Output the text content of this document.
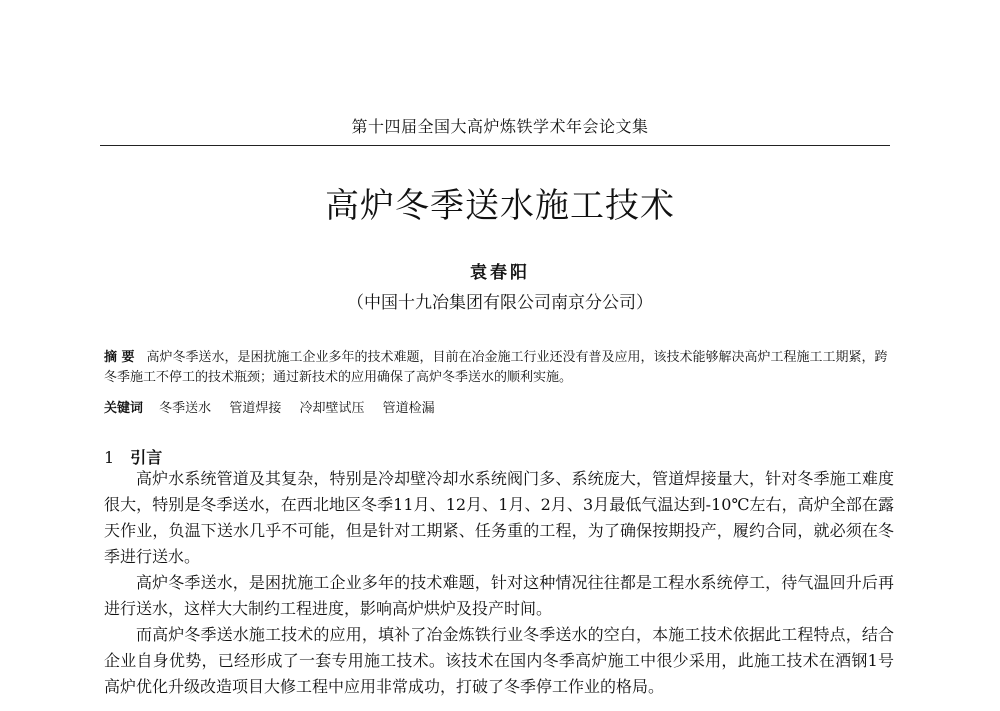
第十四届全国大高炉炼铁学术年会论文集
高炉冬季送水施工技术
袁春阳
（中国十九冶集团有限公司南京分公司）
摘 要 高炉冬季送水，是困扰施工企业多年的技术难题，目前在冶金施工行业还没有普及应用，该技术能够解决高炉工程施工工期紧，跨冬季施工不停工的技术瓶颈；通过新技术的应用确保了高炉冬季送水的顺利实施。
关键词 冬季送水 管道焊接 冷却壁试压 管道检漏
1 引言

高炉水系统管道及其复杂，特别是冷却壁冷却水系统阀门多、系统庞大，管道焊接量大，针对冬季施工难度很大，特别是冬季送水，在西北地区冬季11月、12月、1月、2月、3月最低气温达到-10℃左右，高炉全部在露天作业，负温下送水几乎不可能，但是针对工期紧、任务重的工程，为了确保按期投产，履约合同，就必须在冬季进行送水。

高炉冬季送水，是困扰施工企业多年的技术难题，针对这种情况往往都是工程水系统停工，待气温回升后再进行送水，这样大大制约工程进度，影响高炉烘炉及投产时间。

而高炉冬季送水施工技术的应用，填补了冶金炼铁行业冬季送水的空白，本施工技术依据此工程特点，结合企业自身优势，已经形成了一套专用施工技术。该技术在国内冬季高炉施工中很少采用，此施工技术在酒钢1号高炉优化升级改造项目大修工程中应用非常成功，打破了冬季停工作业的格局。
